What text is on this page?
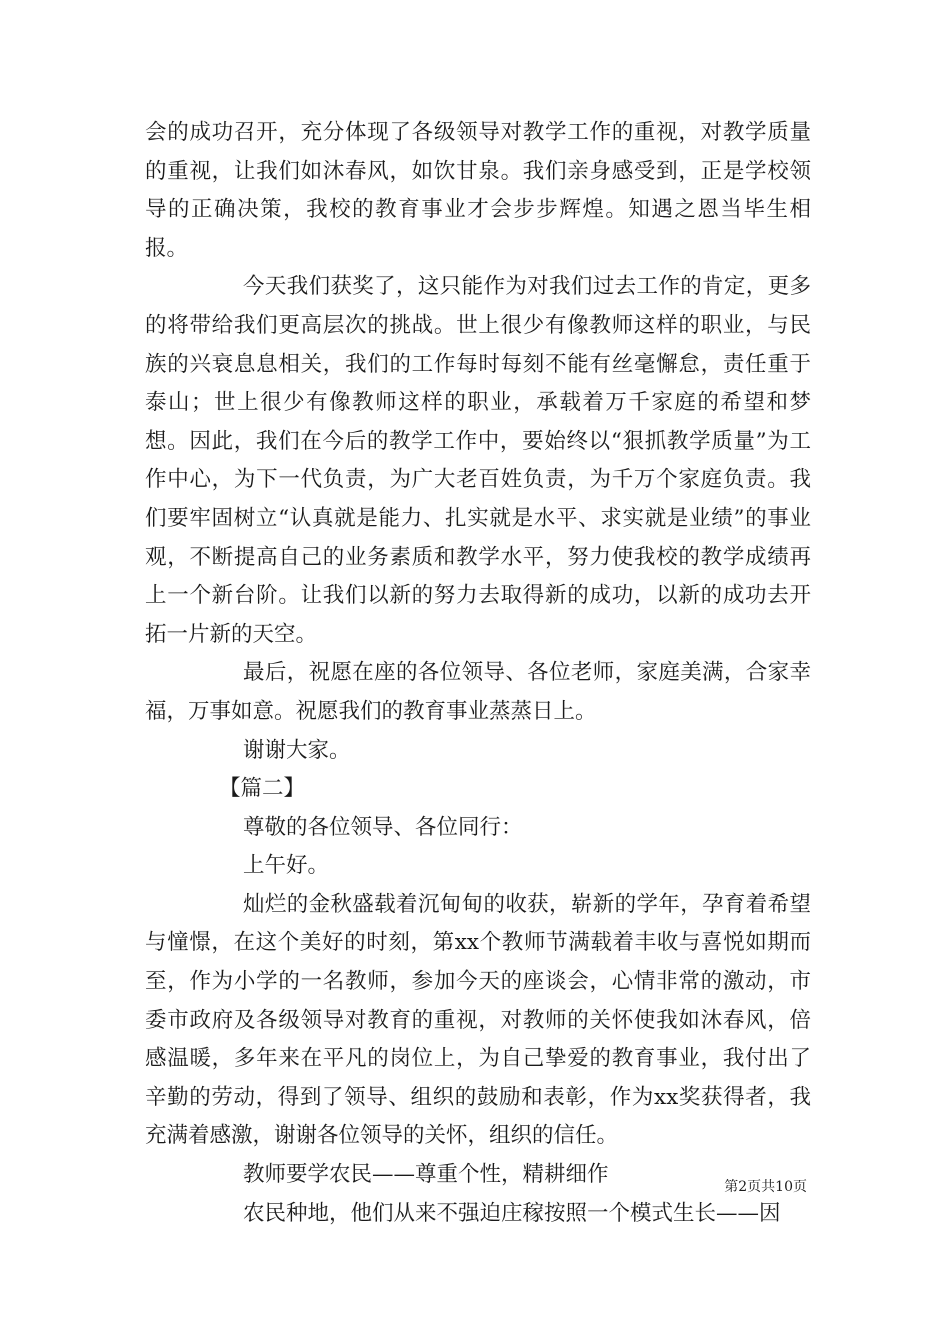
会的成功召开，充分体现了各级领导对教学工作的重视，对教学质量的重视，让我们如沐春风，如饮甘泉。我们亲身感受到，正是学校领导的正确决策，我校的教育事业才会步步辉煌。知遇之恩当毕生相报。

今天我们获奖了，这只能作为对我们过去工作的肯定，更多的将带给我们更高层次的挑战。世上很少有像教师这样的职业，与民族的兴衰息息相关，我们的工作每时每刻不能有丝毫懈怠，责任重于泰山；世上很少有像教师这样的职业，承载着万千家庭的希望和梦想。因此，我们在今后的教学工作中，要始终以“狠抓教学质量”为工作中心，为下一代负责，为广大老百姓负责，为千万个家庭负责。我们要牢固树立“认真就是能力、扎实就是水平、求实就是业绩”的事业观，不断提高自己的业务素质和教学水平，努力使我校的教学成绩再上一个新台阶。让我们以新的努力去取得新的成功，以新的成功去开拓一片新的天空。

最后，祝愿在座的各位领导、各位老师，家庭美满，合家幸福，万事如意。祝愿我们的教育事业蒸蒸日上。

谢谢大家。

【篇二】

尊敬的各位领导、各位同行：

上午好。

灿烂的金秋盛载着沉甸甸的收获，崭新的学年，孕育着希望与憧憬，在这个美好的时刻，第xx个教师节满载着丰收与喜悦如期而至，作为小学的一名教师，参加今天的座谈会，心情非常的激动，市委市政府及各级领导对教育的重视，对教师的关怀使我如沐春风，倍感温暖，多年来在平凡的岗位上，为自己挚爱的教育事业，我付出了辛勤的劳动，得到了领导、组织的鼓励和表彰，作为xx奖获得者，我充满着感激，谢谢各位领导的关怀，组织的信任。

教师要学农民——尊重个性，精耕细作

农民种地，他们从来不强迫庄稼按照一个模式生长——因

第2页共10页
